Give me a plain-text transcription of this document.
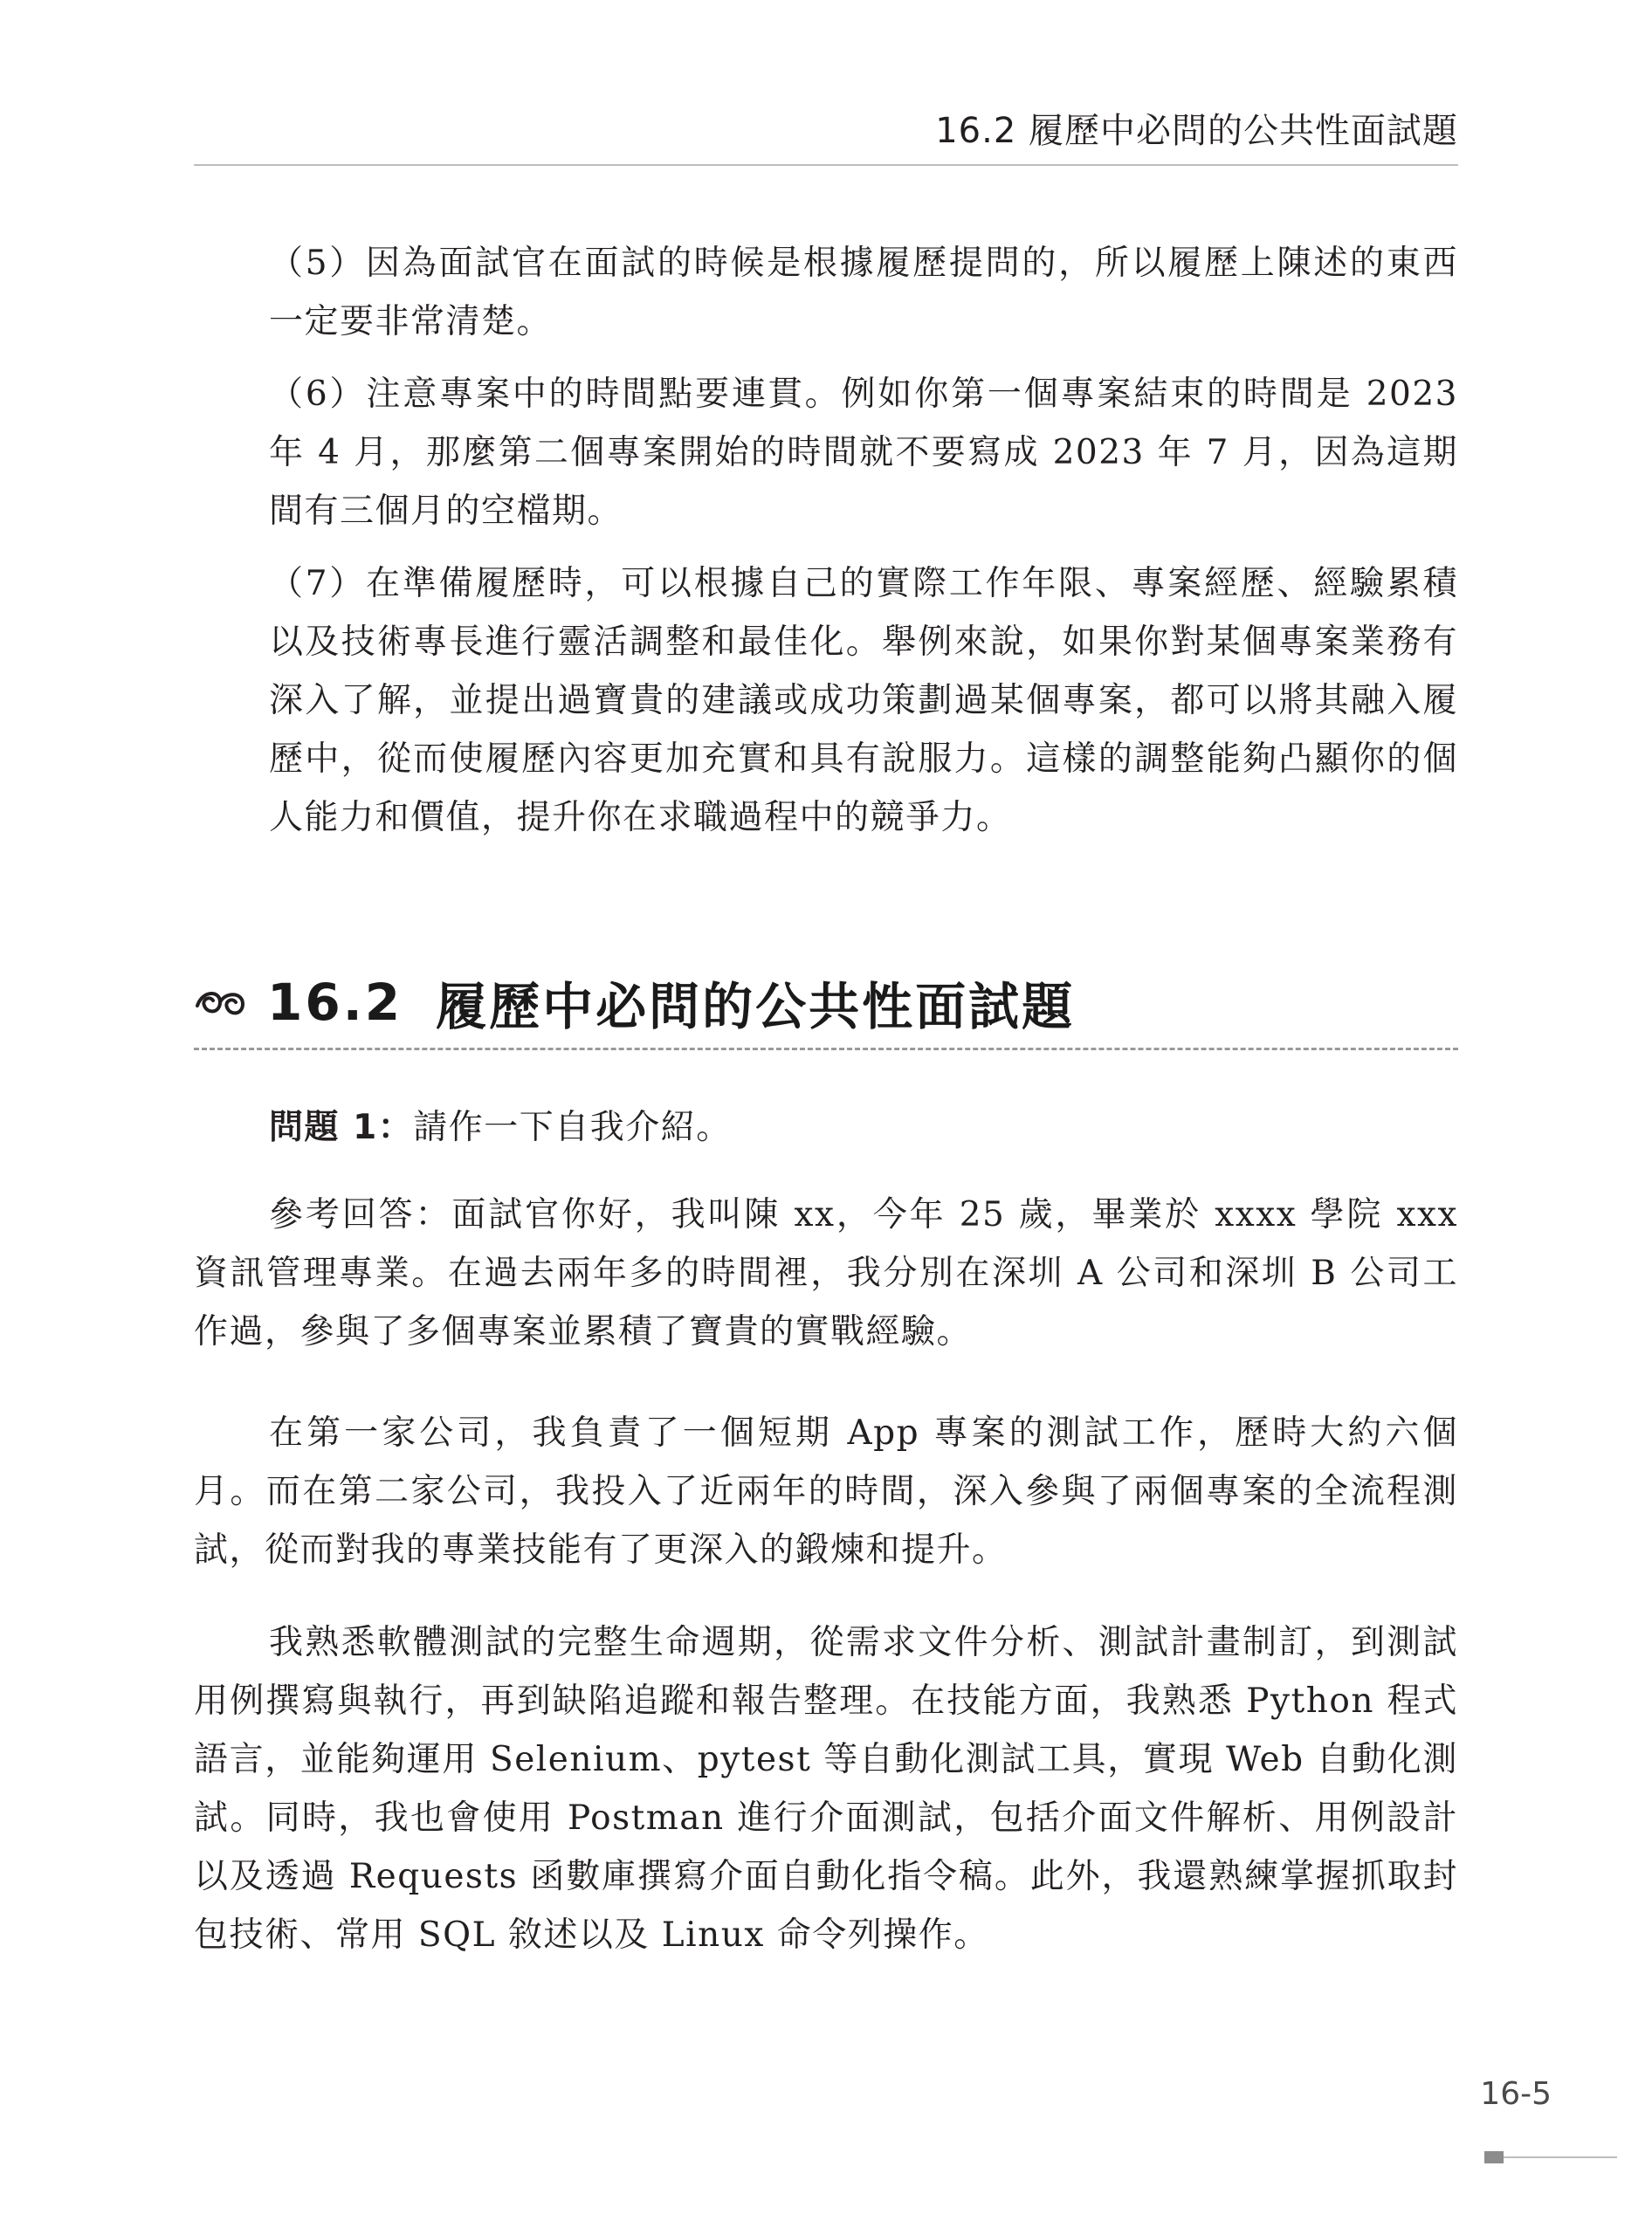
16.2 履歷中必問的公共性面試題

（5）因為面試官在面試的時候是根據履歷提問的，所以履歷上陳述的東西一定要非常清楚。

（6）注意專案中的時間點要連貫。例如你第一個專案結束的時間是 2023 年 4 月，那麼第二個專案開始的時間就不要寫成 2023 年 7 月，因為這期間有三個月的空檔期。

（7）在準備履歷時，可以根據自己的實際工作年限、專案經歷、經驗累積以及技術專長進行靈活調整和最佳化。舉例來說，如果你對某個專案業務有深入了解，並提出過寶貴的建議或成功策劃過某個專案，都可以將其融入履歷中，從而使履歷內容更加充實和具有說服力。這樣的調整能夠凸顯你的個人能力和價值，提升你在求職過程中的競爭力。

16.2 履歷中必問的公共性面試題
問題 1：請作一下自我介紹。

參考回答：面試官你好，我叫陳 xx，今年 25 歲，畢業於 xxxx 學院 xxx 資訊管理專業。在過去兩年多的時間裡，我分別在深圳 A 公司和深圳 B 公司工作過，參與了多個專案並累積了寶貴的實戰經驗。

在第一家公司，我負責了一個短期 App 專案的測試工作，歷時大約六個月。而在第二家公司，我投入了近兩年的時間，深入參與了兩個專案的全流程測試，從而對我的專業技能有了更深入的鍛煉和提升。

我熟悉軟體測試的完整生命週期，從需求文件分析、測試計畫制訂，到測試用例撰寫與執行，再到缺陷追蹤和報告整理。在技能方面，我熟悉 Python 程式語言，並能夠運用 Selenium、pytest 等自動化測試工具，實現 Web 自動化測試。同時，我也會使用 Postman 進行介面測試，包括介面文件解析、用例設計以及透過 Requests 函數庫撰寫介面自動化指令稿。此外，我還熟練掌握抓取封包技術、常用 SQL 敘述以及 Linux 命令列操作。

16-5
